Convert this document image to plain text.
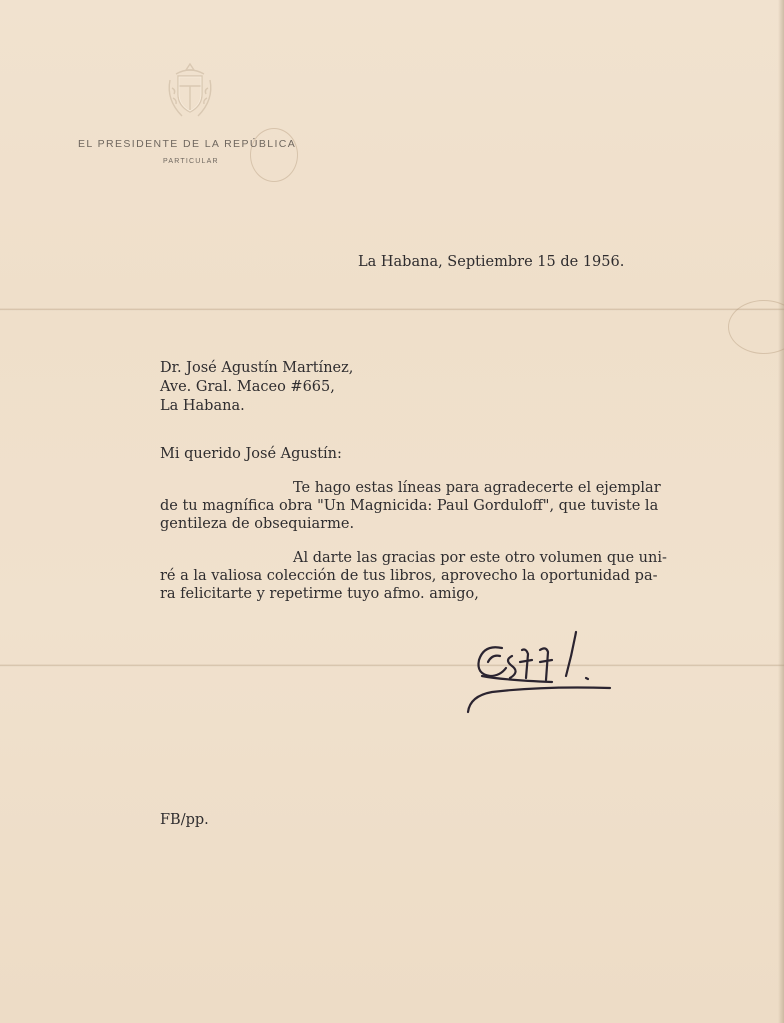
EL PRESIDENTE DE LA REPÚBLICA
PARTICULAR
La Habana, Septiembre 15 de 1956.
Dr. José Agustín Martínez,
Ave. Gral. Maceo #665,
La Habana.
Mi querido José Agustín:
Te hago estas líneas para agradecerte el ejemplar
de tu magnífica obra "Un Magnicida: Paul Gorduloff", que tuviste la
gentileza de obsequiarme.
Al darte las gracias por este otro volumen que uni-
ré a la valiosa colección de tus libros, aprovecho la oportunidad pa-
ra felicitarte y repetirme tuyo afmo. amigo,
FB/pp.
